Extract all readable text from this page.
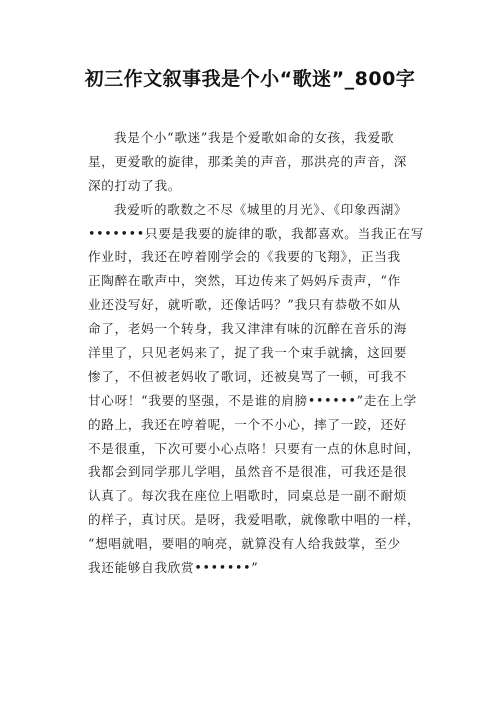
初三作文叙事我是个小“歌迷”_800字
我是个小“歌迷”我是个爱歌如命的女孩，我爱歌
星，更爱歌的旋律，那柔美的声音，那洪亮的声音，深
深的打动了我。
我爱听的歌数之不尽《城里的月光》、《印象西湖》
•••••••只要是我要的旋律的歌，我都喜欢。当我正在写
作业时，我还在哼着刚学会的《我要的飞翔》，正当我
正陶醉在歌声中，突然，耳边传来了妈妈斥责声，“作
业还没写好，就听歌，还像话吗？”我只有恭敬不如从
命了，老妈一个转身，我又津津有味的沉醉在音乐的海
洋里了，只见老妈来了，捉了我一个束手就擒，这回要
惨了，不但被老妈收了歌词，还被臭骂了一顿，可我不
甘心呀！“我要的坚强，不是谁的肩膀••••••”走在上学
的路上，我还在哼着呢，一个不小心，摔了一跤，还好
不是很重，下次可要小心点咯！只要有一点的休息时间，
我都会到同学那儿学唱，虽然音不是很准，可我还是很
认真了。每次我在座位上唱歌时，同桌总是一副不耐烦
的样子，真讨厌。是呀，我爱唱歌，就像歌中唱的一样，
“想唱就唱，要唱的响亮，就算没有人给我鼓掌，至少
我还能够自我欣赏•••••••”
